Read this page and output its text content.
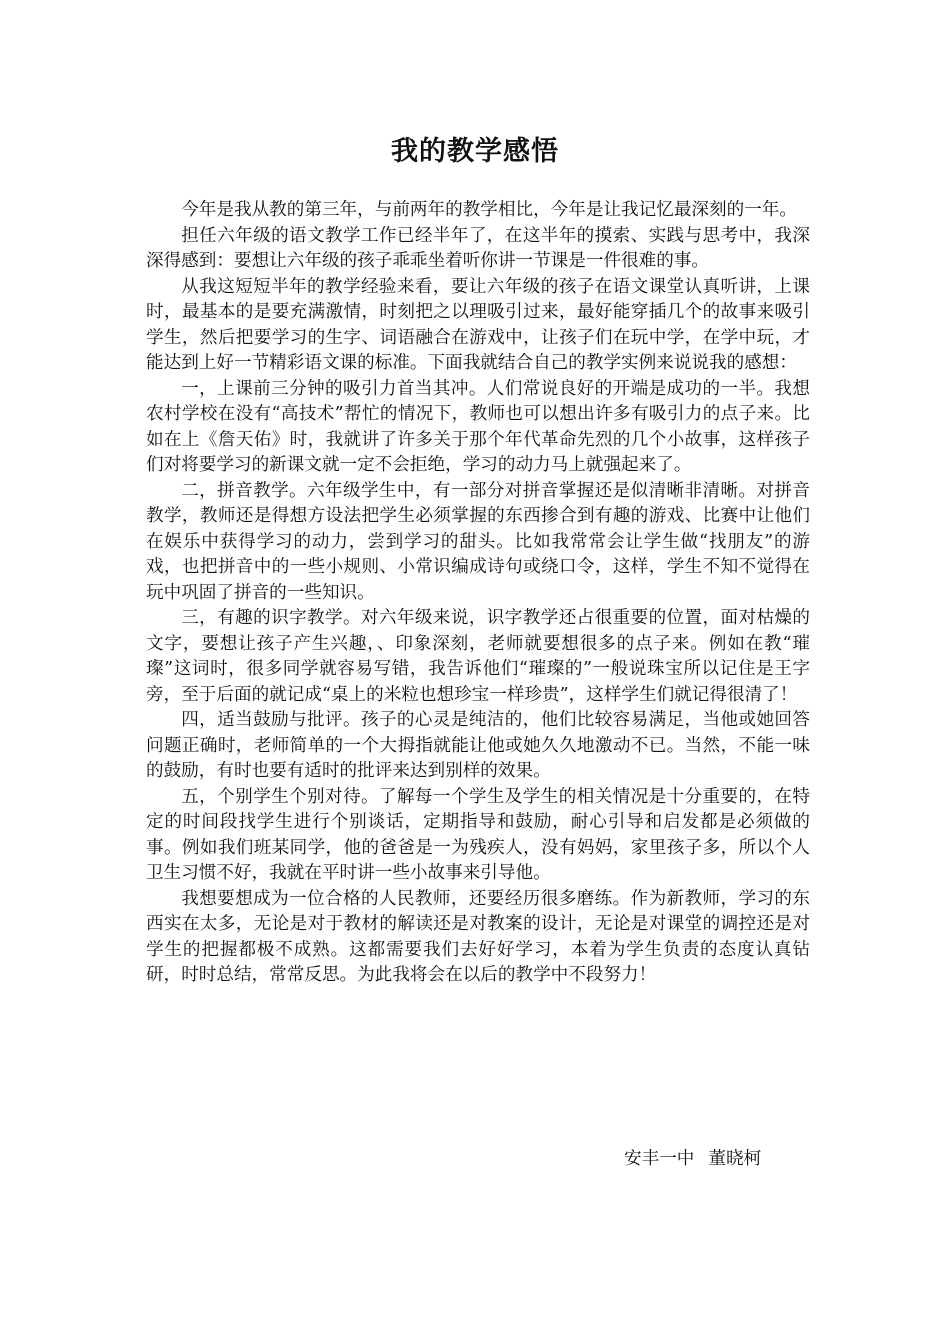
我的教学感悟

今年是我从教的第三年，与前两年的教学相比，今年是让我记忆最深刻的一年。

担任六年级的语文教学工作已经半年了，在这半年的摸索、实践与思考中，我深深得感到：要想让六年级的孩子乖乖坐着听你讲一节课是一件很难的事。

从我这短短半年的教学经验来看，要让六年级的孩子在语文课堂认真听讲，上课时，最基本的是要充满激情，时刻把之以理吸引过来，最好能穿插几个的故事来吸引学生，然后把要学习的生字、词语融合在游戏中，让孩子们在玩中学，在学中玩，才能达到上好一节精彩语文课的标准。下面我就结合自己的教学实例来说说我的感想：

一，上课前三分钟的吸引力首当其冲。人们常说良好的开端是成功的一半。我想农村学校在没有“高技术”帮忙的情况下，教师也可以想出许多有吸引力的点子来。比如在上《詹天佑》时，我就讲了许多关于那个年代革命先烈的几个小故事，这样孩子们对将要学习的新课文就一定不会拒绝，学习的动力马上就强起来了。

二，拼音教学。六年级学生中，有一部分对拼音掌握还是似清晰非清晰。对拼音教学，教师还是得想方设法把学生必须掌握的东西掺合到有趣的游戏、比赛中让他们在娱乐中获得学习的动力，尝到学习的甜头。比如我常常会让学生做“找朋友”的游戏，也把拼音中的一些小规则、小常识编成诗句或绕口令，这样，学生不知不觉得在玩中巩固了拼音的一些知识。

三，有趣的识字教学。对六年级来说，识字教学还占很重要的位置，面对枯燥的文字，要想让孩子产生兴趣，、印象深刻，老师就要想很多的点子来。例如在教“璀璨”这词时，很多同学就容易写错，我告诉他们“璀璨的”一般说珠宝所以记住是王字旁，至于后面的就记成“桌上的米粒也想珍宝一样珍贵”，这样学生们就记得很清了！

四，适当鼓励与批评。孩子的心灵是纯洁的，他们比较容易满足，当他或她回答问题正确时，老师简单的一个大拇指就能让他或她久久地激动不已。当然，不能一味的鼓励，有时也要有适时的批评来达到别样的效果。

五，个别学生个别对待。了解每一个学生及学生的相关情况是十分重要的，在特定的时间段找学生进行个别谈话，定期指导和鼓励，耐心引导和启发都是必须做的事。例如我们班某同学，他的爸爸是一为残疾人，没有妈妈，家里孩子多，所以个人卫生习惯不好，我就在平时讲一些小故事来引导他。

我想要想成为一位合格的人民教师，还要经历很多磨练。作为新教师，学习的东西实在太多，无论是对于教材的解读还是对教案的设计，无论是对课堂的调控还是对学生的把握都极不成熟。这都需要我们去好好学习，本着为学生负责的态度认真钻研，时时总结，常常反思。为此我将会在以后的教学中不段努力！

安丰一中 董晓柯
